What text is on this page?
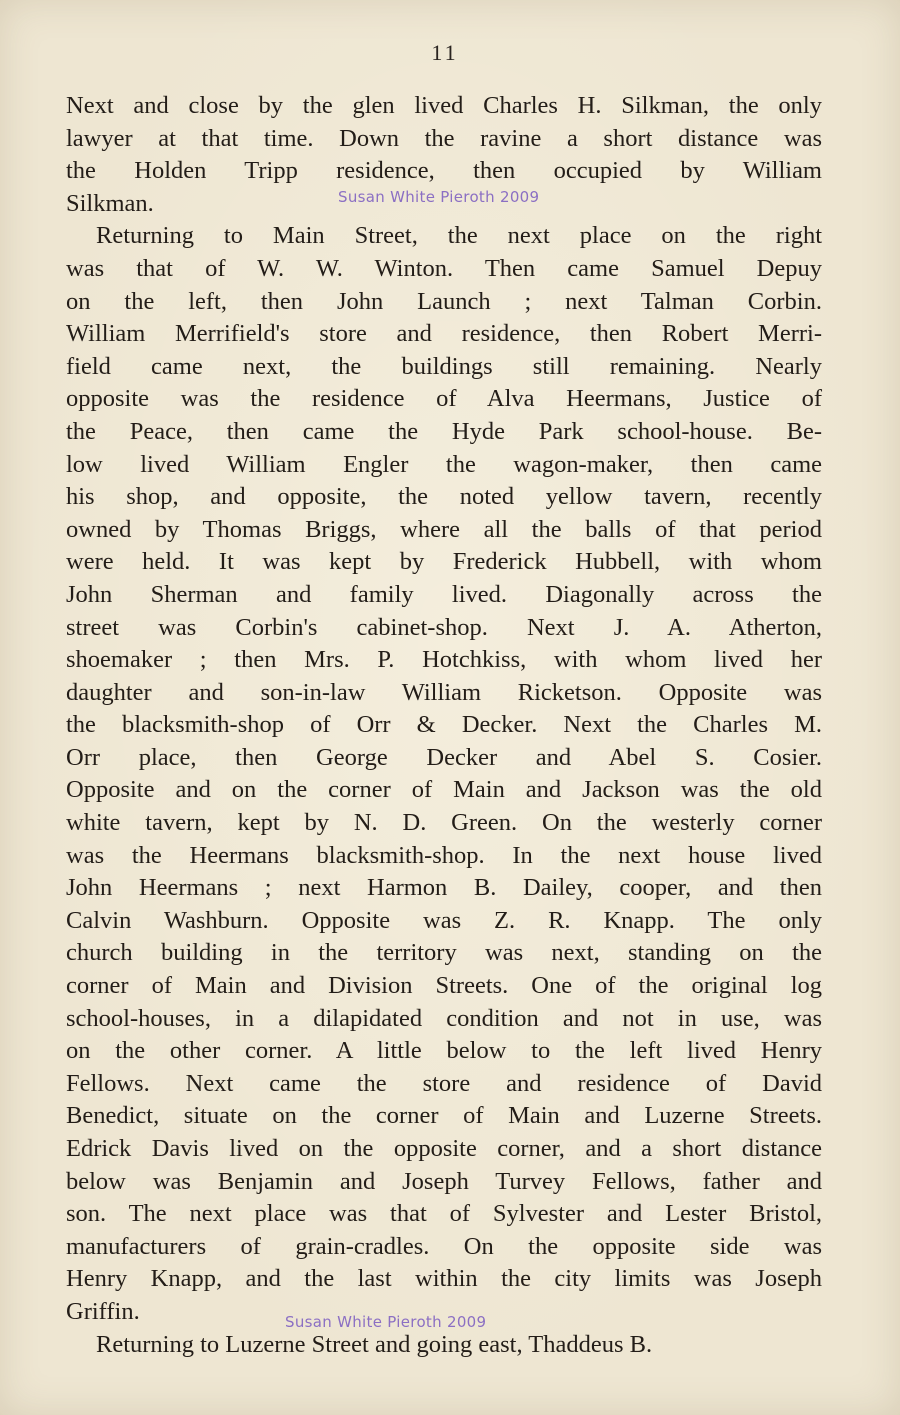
11
Next and close by the glen lived Charles H. Silkman, the only
lawyer at that time. Down the ravine a short distance was
the Holden Tripp residence, then occupied by William
Silkman.
Returning to Main Street, the next place on the right
was that of W. W. Winton. Then came Samuel Depuy
on the left, then John Launch ; next Talman Corbin.
William Merrifield's store and residence, then Robert Merri-
field came next, the buildings still remaining. Nearly
opposite was the residence of Alva Heermans, Justice of
the Peace, then came the Hyde Park school-house. Be-
low lived William Engler the wagon-maker, then came
his shop, and opposite, the noted yellow tavern, recently
owned by Thomas Briggs, where all the balls of that period
were held. It was kept by Frederick Hubbell, with whom
John Sherman and family lived. Diagonally across the
street was Corbin's cabinet-shop. Next J. A. Atherton,
shoemaker ; then Mrs. P. Hotchkiss, with whom lived her
daughter and son-in-law William Ricketson. Opposite was
the blacksmith-shop of Orr & Decker. Next the Charles M.
Orr place, then George Decker and Abel S. Cosier.
Opposite and on the corner of Main and Jackson was the old
white tavern, kept by N. D. Green. On the westerly corner
was the Heermans blacksmith-shop. In the next house lived
John Heermans ; next Harmon B. Dailey, cooper, and then
Calvin Washburn. Opposite was Z. R. Knapp. The only
church building in the territory was next, standing on the
corner of Main and Division Streets. One of the original log
school-houses, in a dilapidated condition and not in use, was
on the other corner. A little below to the left lived Henry
Fellows. Next came the store and residence of David
Benedict, situate on the corner of Main and Luzerne Streets.
Edrick Davis lived on the opposite corner, and a short distance
below was Benjamin and Joseph Turvey Fellows, father and
son. The next place was that of Sylvester and Lester Bristol,
manufacturers of grain-cradles. On the opposite side was
Henry Knapp, and the last within the city limits was Joseph
Griffin.
Returning to Luzerne Street and going east, Thaddeus B.
Susan White Pieroth 2009
Susan White Pieroth 2009
